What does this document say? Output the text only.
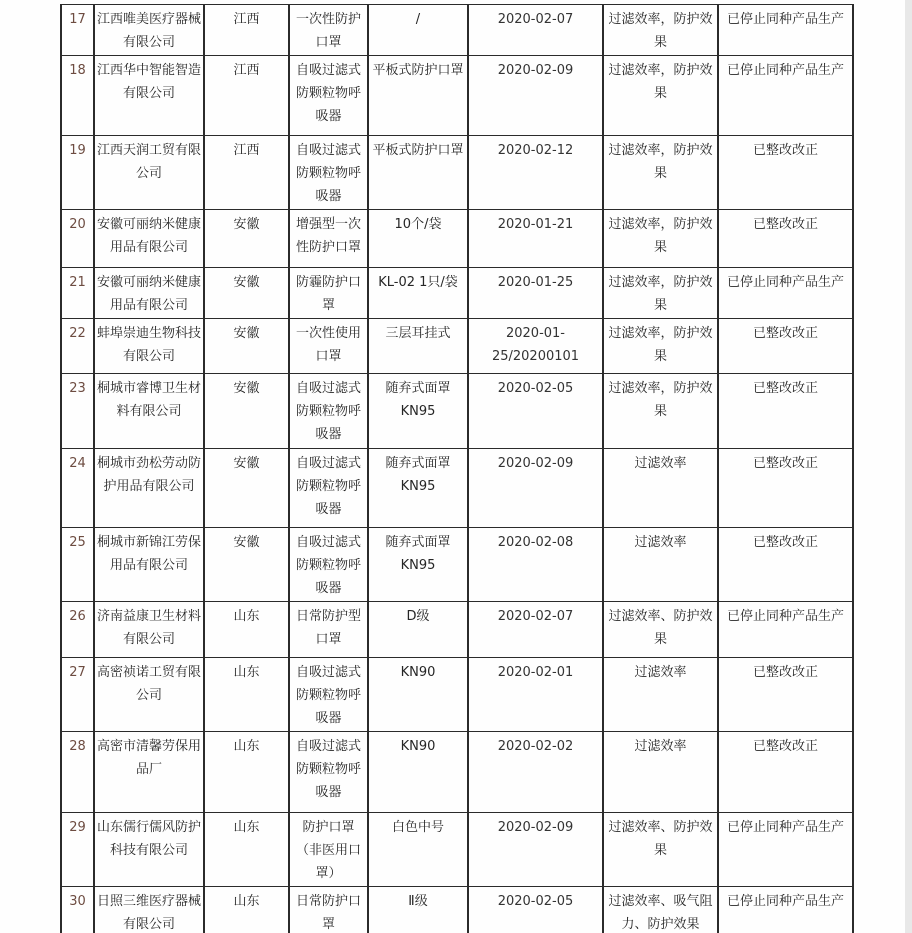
17	江西唯美医疗器械有限公司	江西	一次性防护口罩	/	2020-02-07	过滤效率，防护效果	已停止同种产品生产
18	江西华中智能智造有限公司	江西	自吸过滤式防颗粒物呼吸器	平板式防护口罩	2020-02-09	过滤效率，防护效果	已停止同种产品生产
19	江西天润工贸有限公司	江西	自吸过滤式防颗粒物呼吸器	平板式防护口罩	2020-02-12	过滤效率，防护效果	已整改改正
20	安徽可丽纳米健康用品有限公司	安徽	增强型一次性防护口罩	10个/袋	2020-01-21	过滤效率，防护效果	已整改改正
21	安徽可丽纳米健康用品有限公司	安徽	防霾防护口罩	KL-02 1只/袋	2020-01-25	过滤效率，防护效果	已停止同种产品生产
22	蚌埠崇迪生物科技有限公司	安徽	一次性使用口罩	三层耳挂式	2020-01-25/20200101	过滤效率，防护效果	已整改改正
23	桐城市睿博卫生材料有限公司	安徽	自吸过滤式防颗粒物呼吸器	随弃式面罩KN95	2020-02-05	过滤效率，防护效果	已整改改正
24	桐城市劲松劳动防护用品有限公司	安徽	自吸过滤式防颗粒物呼吸器	随弃式面罩KN95	2020-02-09	过滤效率	已整改改正
25	桐城市新锦江劳保用品有限公司	安徽	自吸过滤式防颗粒物呼吸器	随弃式面罩KN95	2020-02-08	过滤效率	已整改改正
26	济南益康卫生材料有限公司	山东	日常防护型口罩	D级	2020-02-07	过滤效率、防护效果	已停止同种产品生产
27	高密祯诺工贸有限公司	山东	自吸过滤式防颗粒物呼吸器	KN90	2020-02-01	过滤效率	已整改改正
28	高密市清馨劳保用品厂	山东	自吸过滤式防颗粒物呼吸器	KN90	2020-02-02	过滤效率	已整改改正
29	山东儒行儒风防护科技有限公司	山东	防护口罩（非医用口罩）	白色中号	2020-02-09	过滤效率、防护效果	已停止同种产品生产
30	日照三维医疗器械有限公司	山东	日常防护口罩	Ⅱ级	2020-02-05	过滤效率、吸气阻力、防护效果	已停止同种产品生产
